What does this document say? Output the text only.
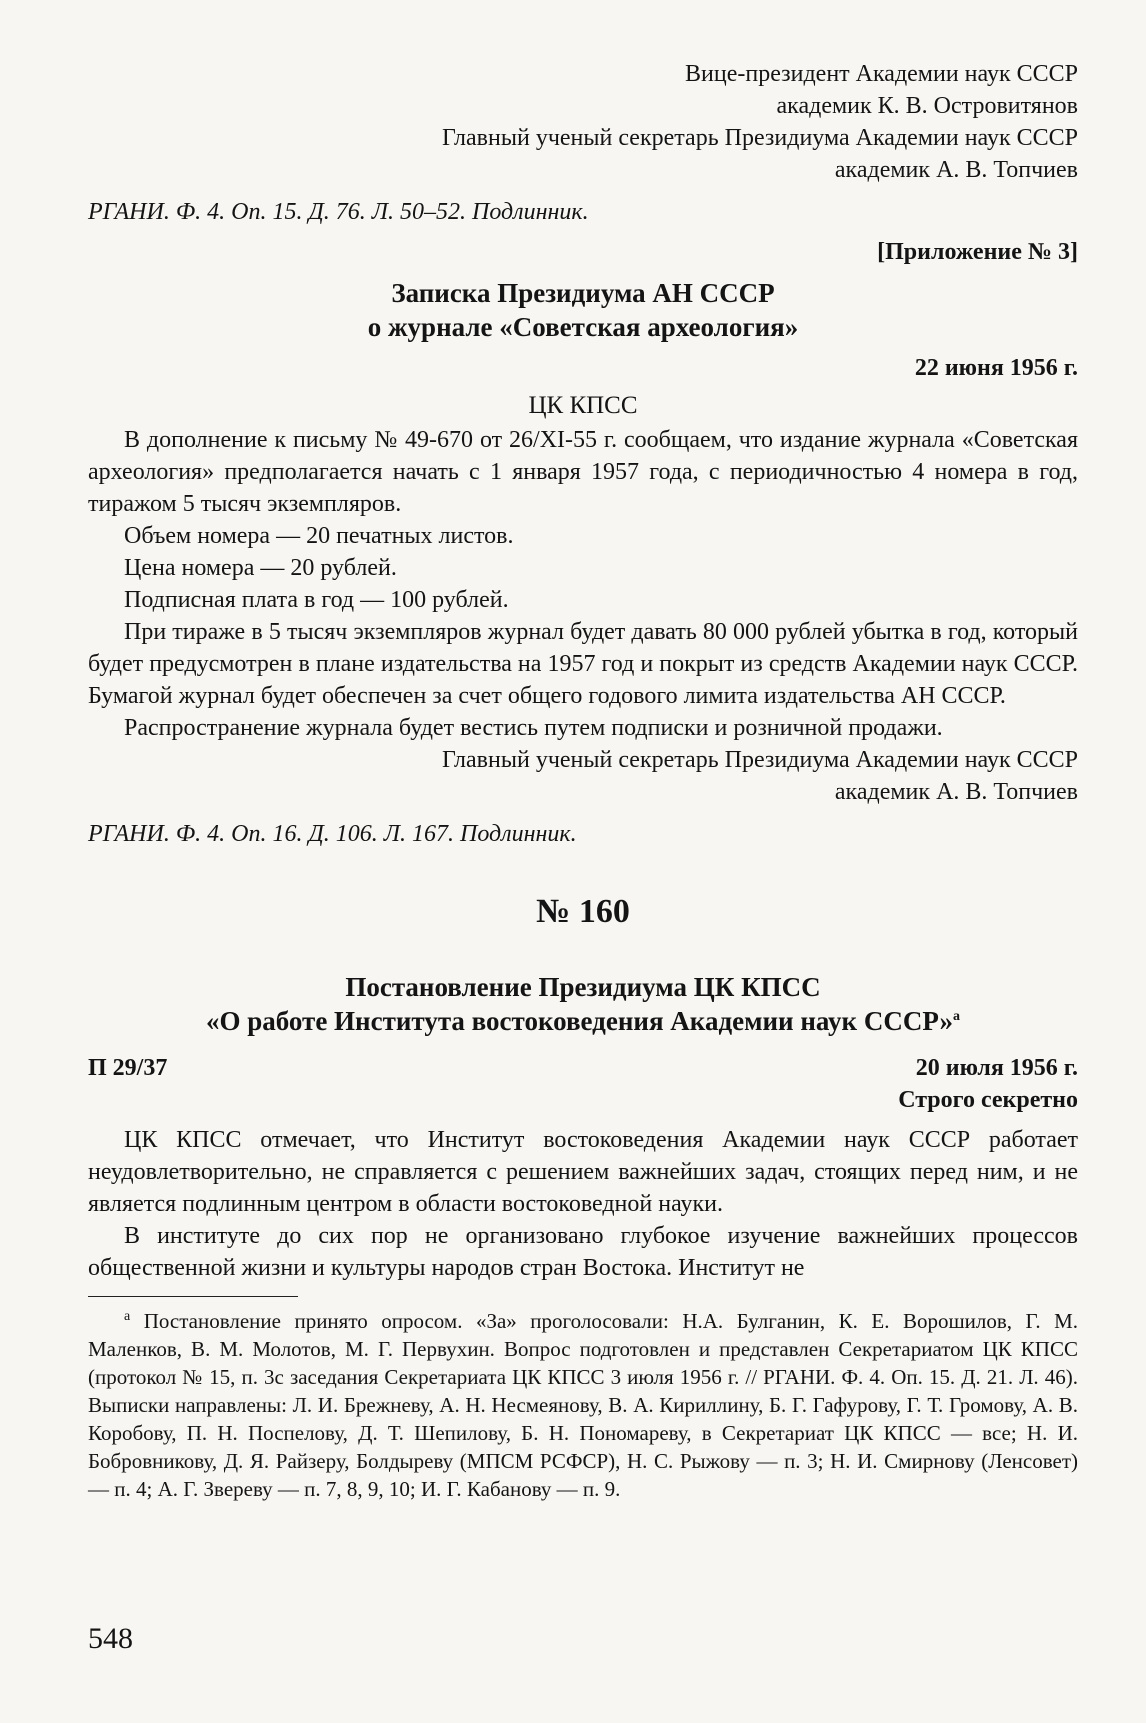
Вице-президент Академии наук СССР

академик К. В. Островитянов

Главный ученый секретарь Президиума Академии наук СССР

академик А. В. Топчиев

РГАНИ. Ф. 4. Оп. 15. Д. 76. Л. 50–52. Подлинник.

[Приложение № 3]

Записка Президиума АН СССР

о журнале «Советская археология»

22 июня 1956 г.

ЦК КПСС

В дополнение к письму № 49-670 от 26/XI-55 г. сообщаем, что издание журнала «Советская археология» предполагается начать с 1 января 1957 года, с периодичностью 4 номера в год, тиражом 5 тысяч экземпляров.

Объем номера — 20 печатных листов.

Цена номера — 20 рублей.

Подписная плата в год — 100 рублей.

При тираже в 5 тысяч экземпляров журнал будет давать 80 000 рублей убытка в год, который будет предусмотрен в плане издательства на 1957 год и покрыт из средств Академии наук СССР. Бумагой журнал будет обеспечен за счет общего годового лимита издательства АН СССР.

Распространение журнала будет вестись путем подписки и розничной продажи.

Главный ученый секретарь Президиума Академии наук СССР

академик А. В. Топчиев

РГАНИ. Ф. 4. Оп. 16. Д. 106. Л. 167. Подлинник.

№ 160

Постановление Президиума ЦК КПСС

«О работе Института востоковедения Академии наук СССР»$^а$

П 29/37	20 июля 1956 г.

Строго секретно

ЦК КПСС отмечает, что Институт востоковедения Академии наук СССР работает неудовлетворительно, не справляется с решением важнейших задач, стоящих перед ним, и не является подлинным центром в области востоковедной науки.

В институте до сих пор не организовано глубокое изучение важнейших процессов общественной жизни и культуры народов стран Востока. Институт не

$^а$ Постановление принято опросом. «За» проголосовали: Н.А. Булганин, К. Е. Ворошилов, Г. М. Маленков, В. М. Молотов, М. Г. Первухин. Вопрос подготовлен и представлен Секретариатом ЦК КПСС (протокол № 15, п. 3с заседания Секретариата ЦК КПСС 3 июля 1956 г. // РГАНИ. Ф. 4. Оп. 15. Д. 21. Л. 46). Выписки направлены: Л. И. Брежневу, А. Н. Несмеянову, В. А. Кириллину, Б. Г. Гафурову, Г. Т. Громову, А. В. Коробову, П. Н. Поспелову, Д. Т. Шепилову, Б. Н. Пономареву, в Секретариат ЦК КПСС — все; Н. И. Бобровникову, Д. Я. Райзеру, Болдыреву (МПСМ РСФСР), Н. С. Рыжову — п. 3; Н. И. Смирнову (Ленсовет) — п. 4; А. Г. Звереву — п. 7, 8, 9, 10; И. Г. Кабанову — п. 9.

548
